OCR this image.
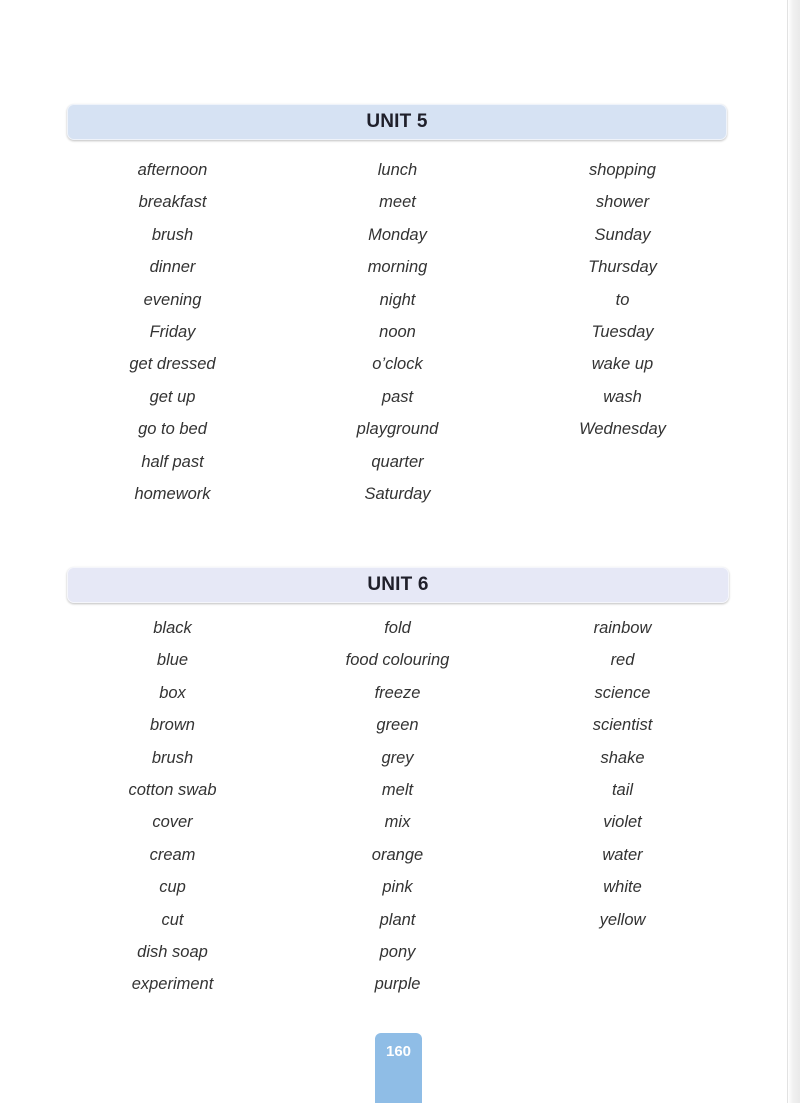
UNIT 5
afternoon
breakfast
brush
dinner
evening
Friday
get dressed
get up
go to bed
half past
homework
lunch
meet
Monday
morning
night
noon
o’clock
past
playground
quarter
Saturday
shopping
shower
Sunday
Thursday
to
Tuesday
wake up
wash
Wednesday
UNIT 6
black
blue
box
brown
brush
cotton swab
cover
cream
cup
cut
dish soap
experiment
fold
food colouring
freeze
green
grey
melt
mix
orange
pink
plant
pony
purple
rainbow
red
science
scientist
shake
tail
violet
water
white
yellow
160
